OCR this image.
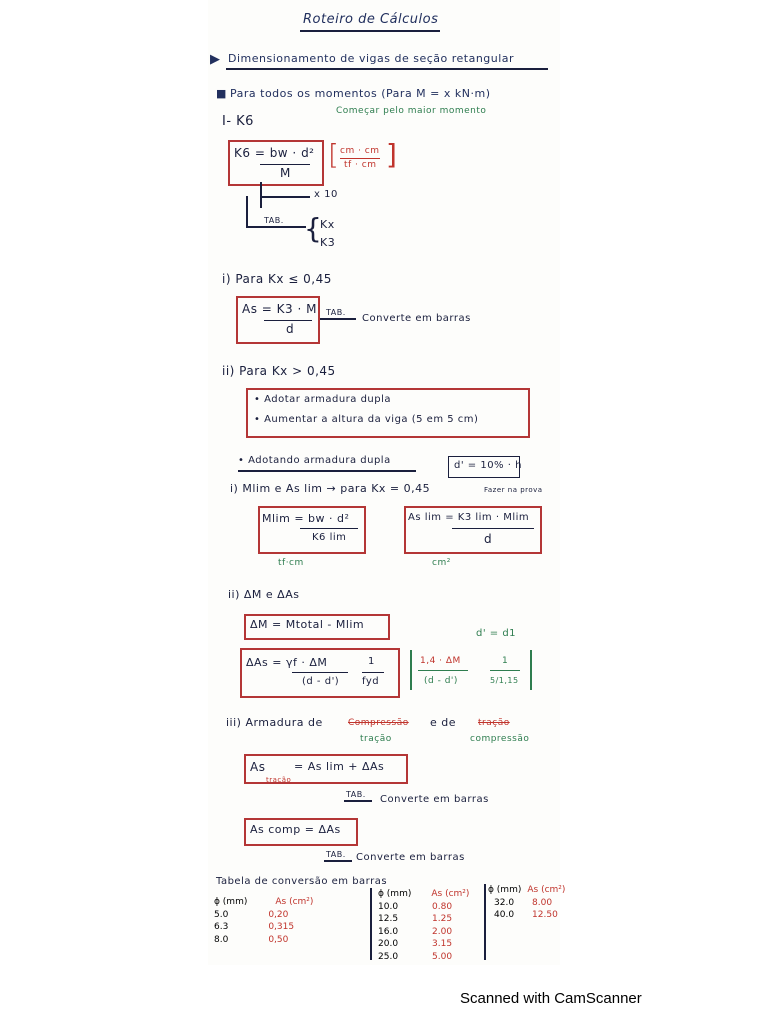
Roteiro de Cálculos
▶ Dimensionamento de vigas de seção retangular
■ Para todos os momentos (Para M = x kN·m)
Começar pelo maior momento
I- K6
K6 = bw · d²
M
[ cm · cm
tf · cm ]
x 10
TAB. {
Kx
K3
i) Para Kx ≤ 0,45
As = K3 · M
d
TAB.
Converte em barras
ii) Para Kx > 0,45
• Adotar armadura dupla
• Aumentar a altura da viga (5 em 5 cm)
• Adotando armadura dupla	d' = 10% · h
Fazer na prova
i) Mlim e As lim → para Kx = 0,45
Mlim = bw · d²
K6 lim
tf·cm
As lim = K3 lim · Mlim
d
cm²
ii) ΔM e ΔAs
ΔM = Mtotal - Mlim
d' = d1
ΔAs = γf · ΔM
(d - d')
1
fyd
1,4 · ΔM
(d - d')
1
5/1,15
iii) Armadura de	Compressão
tração
e de tração
compressão
As
tração
= As lim + ΔAs
TAB. Converte em barras
As comp = ΔAs
TAB. Converte em barras
Tabela de conversão em barras
ϕ (mm)	As (cm²)
5.0	0,20
6.3	0,315
8.0	0,50
ϕ (mm) As (cm²)
10.0	0.80
12.5	1.25
16.0	2.00
20.0	3.15
25.0	5.00
ϕ (mm) As (cm²)
32.0 8.00
40.0 12.50
Scanned with CamScanner
